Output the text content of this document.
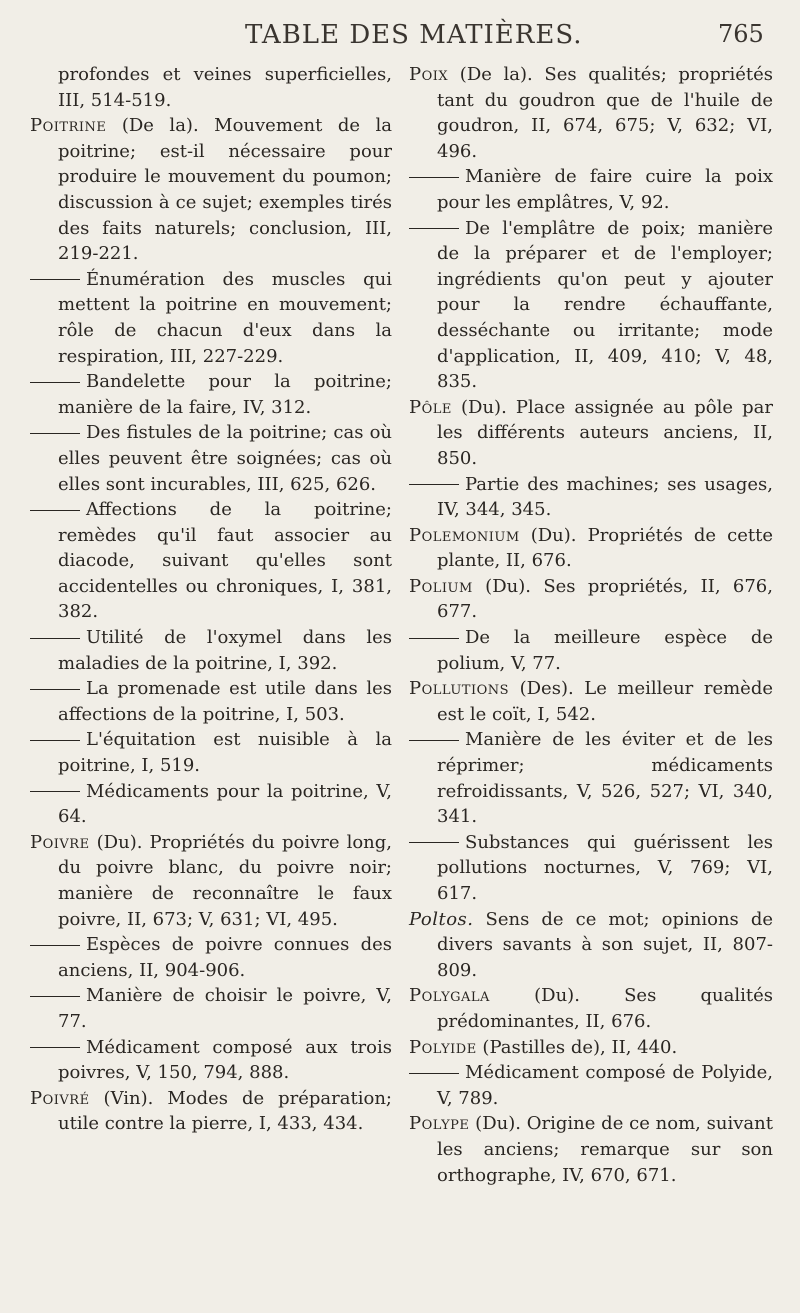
TABLE DES MATIÈRES.	765

profondes et veines superficielles, III, 514-519.

Poitrine (De la). Mouvement de la poitrine; est-il nécessaire pour produire le mouvement du poumon; discussion à ce sujet; exemples tirés des faits naturels; conclusion, III, 219-221.

Énumération des muscles qui mettent la poitrine en mouvement; rôle de chacun d'eux dans la respiration, III, 227-229.

Bandelette pour la poitrine; manière de la faire, IV, 312.

Des fistules de la poitrine; cas où elles peuvent être soignées; cas où elles sont incurables, III, 625, 626.

Affections de la poitrine; remèdes qu'il faut associer au diacode, suivant qu'elles sont accidentelles ou chroniques, I, 381, 382.

Utilité de l'oxymel dans les maladies de la poitrine, I, 392.

La promenade est utile dans les affections de la poitrine, I, 503.

L'équitation est nuisible à la poitrine, I, 519.

Médicaments pour la poitrine, V, 64.

Poivre (Du). Propriétés du poivre long, du poivre blanc, du poivre noir; manière de reconnaître le faux poivre, II, 673; V, 631; VI, 495.

Espèces de poivre connues des anciens, II, 904-906.

Manière de choisir le poivre, V, 77.

Médicament composé aux trois poivres, V, 150, 794, 888.

Poivré (Vin). Modes de préparation; utile contre la pierre, I, 433, 434.

Poix (De la). Ses qualités; propriétés tant du goudron que de l'huile de goudron, II, 674, 675; V, 632; VI, 496.

Manière de faire cuire la poix pour les emplâtres, V, 92.

De l'emplâtre de poix; manière de la préparer et de l'employer; ingrédients qu'on peut y ajouter pour la rendre échauffante, desséchante ou irritante; mode d'application, II, 409, 410; V, 48, 835.

Pôle (Du). Place assignée au pôle par les différents auteurs anciens, II, 850.

Partie des machines; ses usages, IV, 344, 345.

Polemonium (Du). Propriétés de cette plante, II, 676.

Polium (Du). Ses propriétés, II, 676, 677.

De la meilleure espèce de polium, V, 77.

Pollutions (Des). Le meilleur remède est le coït, I, 542.

Manière de les éviter et de les réprimer; médicaments refroidissants, V, 526, 527; VI, 340, 341.

Substances qui guérissent les pollutions nocturnes, V, 769; VI, 617.

Poltos. Sens de ce mot; opinions de divers savants à son sujet, II, 807-809.

Polygala (Du). Ses qualités prédominantes, II, 676.

Polyide (Pastilles de), II, 440.

Médicament composé de Polyide, V, 789.

Polype (Du). Origine de ce nom, suivant les anciens; remarque sur son orthographe, IV, 670, 671.
